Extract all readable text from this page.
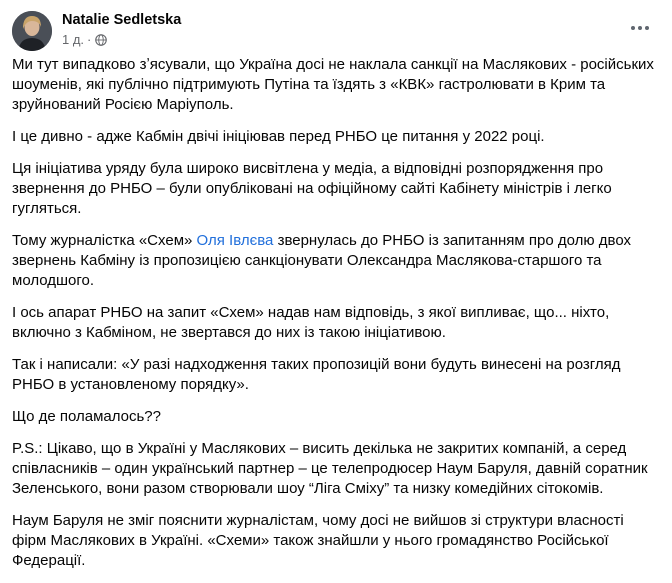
Natalie Sedletska
1 д. ·

Ми тут випадково зʼясували, що Україна досі не наклала санкції на Маслякових - російських шоуменів, які публічно підтримують Путіна та їздять з «КВК» гастролювати в Крим та зруйнований Росією Маріуполь.

І це дивно - адже Кабмін двічі ініціював перед РНБО це питання у 2022 році.

Ця ініціатива уряду була широко висвітлена у медіа, а відповідні розпорядження про звернення до РНБО – були опубліковані на офіційному сайті Кабінету міністрів і легко гугляться.

Тому журналістка «Схем» Оля Івлєва звернулась до РНБО із запитанням про долю двох звернень Кабміну із пропозицією санкціонувати Олександра Маслякова-старшого та молодшого.

І ось апарат РНБО на запит «Схем» надав нам відповідь, з якої випливає, що... ніхто, включно з Кабміном, не звертався до них із такою ініціативою.

Так і написали: «У разі надходження таких пропозицій вони будуть винесені на розгляд РНБО в установленому порядку».

Що де поламалось??

P.S.: Цікаво, що в Україні у Маслякових – висить декілька не закритих компаній, а серед співласників – один український партнер – це телепродюсер Наум Баруля, давній соратник Зеленського, вони разом створювали шоу “Ліга Сміху” та низку комедійних сітокомів.

Наум Баруля не зміг пояснити журналістам, чому досі не вийшов зі структури власності фірм Маслякових в Україні. «Схеми» також знайшли у нього громадянство Російської Федерації.
